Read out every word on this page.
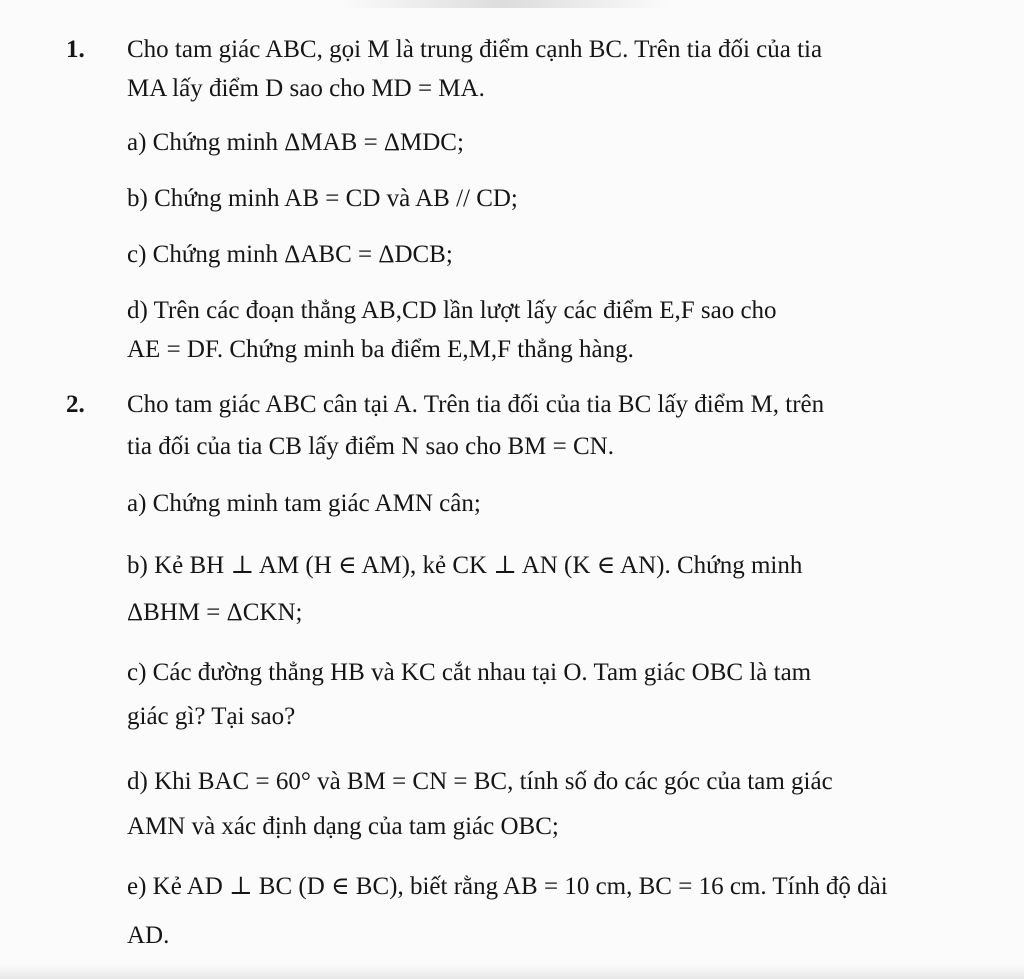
1. Cho tam giác ABC, gọi M là trung điểm cạnh BC. Trên tia đối của tia
MA lấy điểm D sao cho MD = MA.
a) Chứng minh ΔMAB = ΔMDC;
b) Chứng minh AB = CD và AB // CD;
c) Chứng minh ΔABC = ΔDCB;
d) Trên các đoạn thẳng AB,CD lần lượt lấy các điểm E,F sao cho
AE = DF. Chứng minh ba điểm E,M,F thẳng hàng.
2. Cho tam giác ABC cân tại A. Trên tia đối của tia BC lấy điểm M, trên
tia đối của tia CB lấy điểm N sao cho BM = CN.
a) Chứng minh tam giác AMN cân;
b) Kẻ BH ⊥ AM (H ∈ AM), kẻ CK ⊥ AN (K ∈ AN). Chứng minh
ΔBHM = ΔCKN;
c) Các đường thẳng HB và KC cắt nhau tại O. Tam giác OBC là tam
giác gì? Tại sao?
d) Khi BAC = 60° và BM = CN = BC, tính số đo các góc của tam giác
AMN và xác định dạng của tam giác OBC;
e) Kẻ AD ⊥ BC (D ∈ BC), biết rằng AB = 10 cm, BC = 16 cm. Tính độ dài
AD.
